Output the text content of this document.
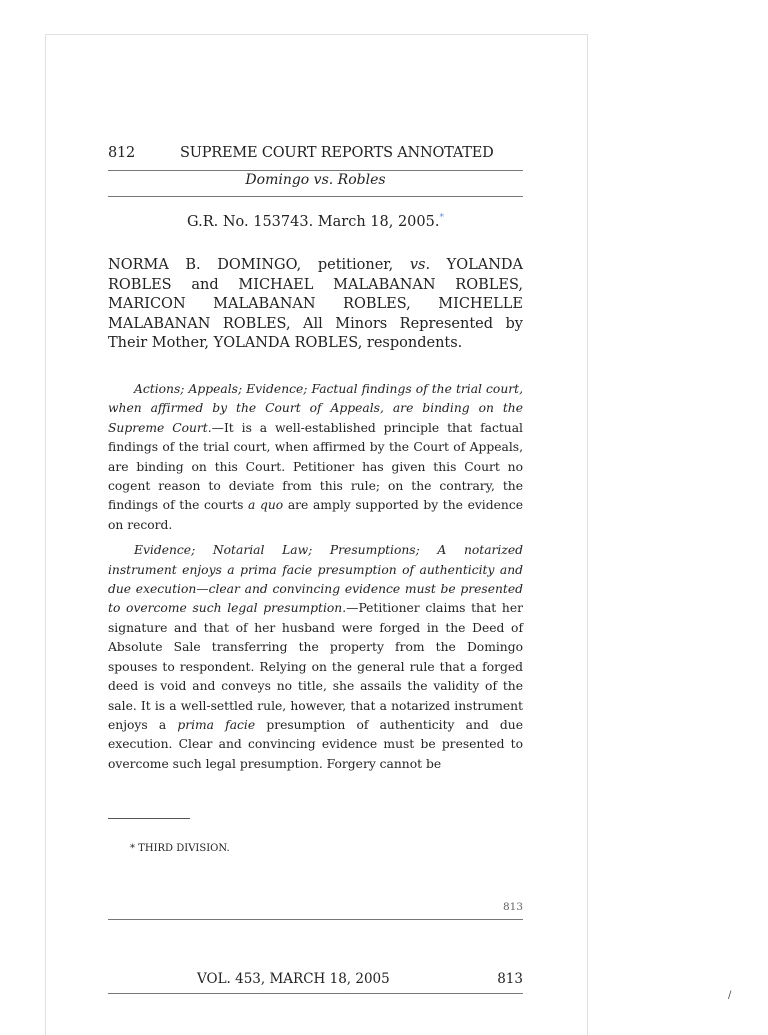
812	SUPREME COURT REPORTS ANNOTATED
Domingo vs. Robles
G.R. No. 153743. March 18, 2005.*
NORMA B. DOMINGO, petitioner, vs. YOLANDA ROBLES and MICHAEL MALABANAN ROBLES, MARICON MALABANAN ROBLES, MICHELLE MALABANAN ROBLES, All Minors Represented by Their Mother, YOLANDA ROBLES, respondents.

Actions; Appeals; Evidence; Factual findings of the trial court, when affirmed by the Court of Appeals, are binding on the Supreme Court.—It is a well-established principle that factual findings of the trial court, when affirmed by the Court of Appeals, are binding on this Court. Petitioner has given this Court no cogent reason to deviate from this rule; on the contrary, the findings of the courts a quo are amply supported by the evidence on record.

Evidence; Notarial Law; Presumptions; A notarized instrument enjoys a prima facie presumption of authenticity and due execution—clear and convincing evidence must be presented to overcome such legal presumption.—Petitioner claims that her signature and that of her husband were forged in the Deed of Absolute Sale transferring the property from the Domingo spouses to respondent. Relying on the general rule that a forged deed is void and conveys no title, she assails the validity of the sale. It is a well-settled rule, however, that a notarized instrument enjoys a prima facie presumption of authenticity and due execution. Clear and convincing evidence must be presented to overcome such legal presumption. Forgery cannot be

* THIRD DIVISION.
813
VOL. 453, MARCH 18, 2005	813
/
